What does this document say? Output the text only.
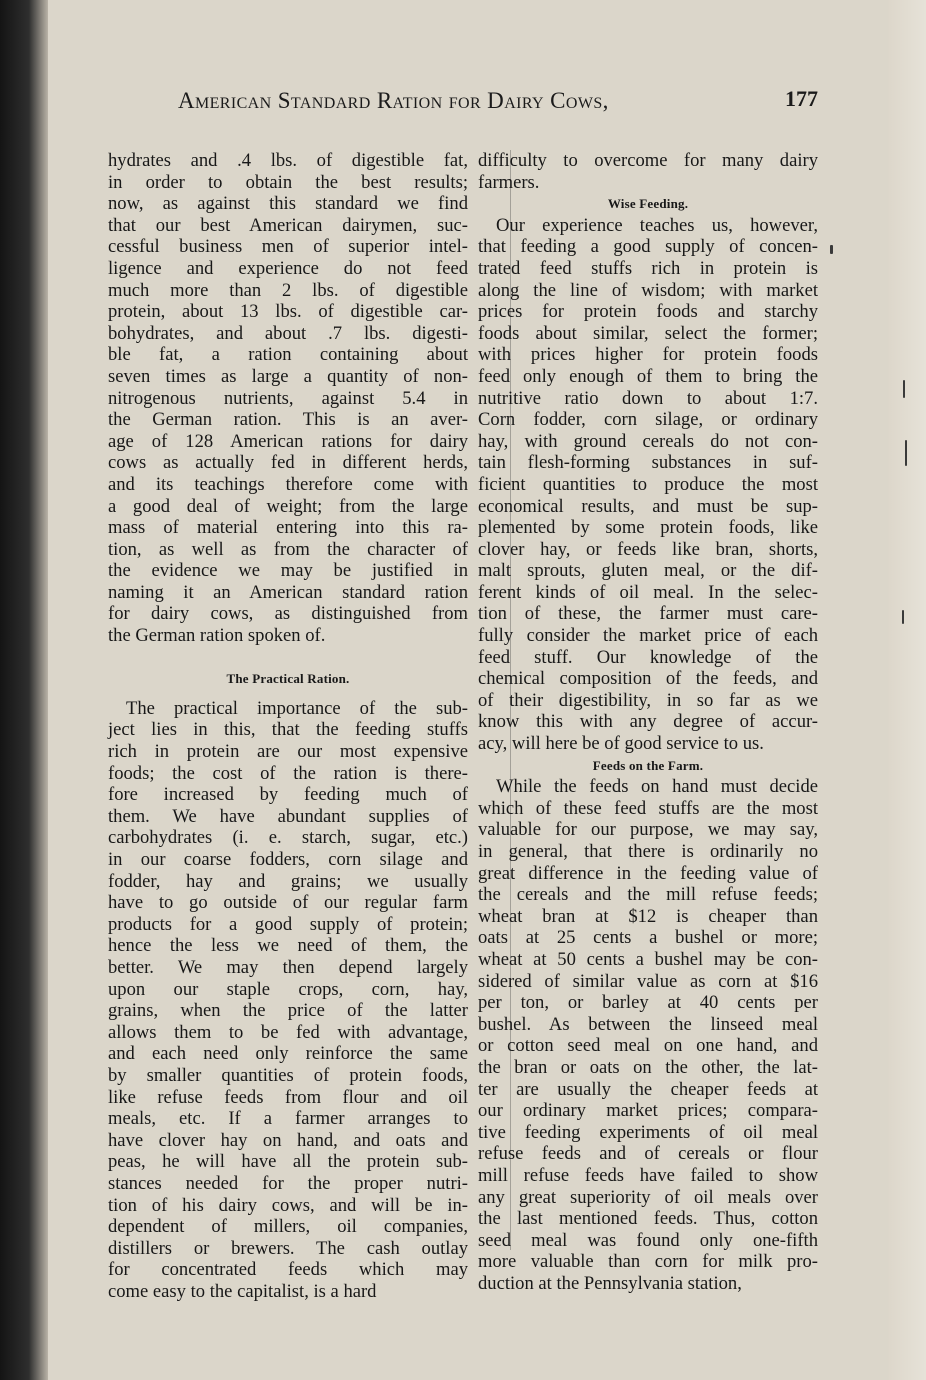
American Standard Ration for Dairy Cows,	177
hydrates and .4 lbs. of digestible fat,
in order to obtain the best results;
now, as against this standard we find
that our best American dairymen, suc-
cessful business men of superior intel-
ligence and experience do not feed
much more than 2 lbs. of digestible
protein, about 13 lbs. of digestible car-
bohydrates, and about .7 lbs. digesti-
ble fat, a ration containing about
seven times as large a quantity of non-
nitrogenous nutrients, against 5.4 in
the German ration. This is an aver-
age of 128 American rations for dairy
cows as actually fed in different herds,
and its teachings therefore come with
a good deal of weight; from the large
mass of material entering into this ra-
tion, as well as from the character of
the evidence we may be justified in
naming it an American standard ration
for dairy cows, as distinguished from
the German ration spoken of.
The Practical Ration.
The practical importance of the sub-
ject lies in this, that the feeding stuffs
rich in protein are our most expensive
foods; the cost of the ration is there-
fore increased by feeding much of
them. We have abundant supplies of
carbohydrates (i. e. starch, sugar, etc.)
in our coarse fodders, corn silage and
fodder, hay and grains; we usually
have to go outside of our regular farm
products for a good supply of protein;
hence the less we need of them, the
better. We may then depend largely
upon our staple crops, corn, hay,
grains, when the price of the latter
allows them to be fed with advantage,
and each need only reinforce the same
by smaller quantities of protein foods,
like refuse feeds from flour and oil
meals, etc. If a farmer arranges to
have clover hay on hand, and oats and
peas, he will have all the protein sub-
stances needed for the proper nutri-
tion of his dairy cows, and will be in-
dependent of millers, oil companies,
distillers or brewers. The cash outlay
for concentrated feeds which may
come easy to the capitalist, is a hard
difficulty to overcome for many dairy
farmers.
Wise Feeding.
Our experience teaches us, however,
that feeding a good supply of concen-
trated feed stuffs rich in protein is
along the line of wisdom; with market
prices for protein foods and starchy
foods about similar, select the former;
with prices higher for protein foods
feed only enough of them to bring the
nutritive ratio down to about 1:7.
Corn fodder, corn silage, or ordinary
hay, with ground cereals do not con-
tain flesh-forming substances in suf-
ficient quantities to produce the most
economical results, and must be sup-
plemented by some protein foods, like
clover hay, or feeds like bran, shorts,
malt sprouts, gluten meal, or the dif-
ferent kinds of oil meal. In the selec-
tion of these, the farmer must care-
fully consider the market price of each
feed stuff. Our knowledge of the
chemical composition of the feeds, and
of their digestibility, in so far as we
know this with any degree of accur-
acy, will here be of good service to us.
Feeds on the Farm.
While the feeds on hand must decide
which of these feed stuffs are the most
valuable for our purpose, we may say,
in general, that there is ordinarily no
great difference in the feeding value of
the cereals and the mill refuse feeds;
wheat bran at $12 is cheaper than
oats at 25 cents a bushel or more;
wheat at 50 cents a bushel may be con-
sidered of similar value as corn at $16
per ton, or barley at 40 cents per
bushel. As between the linseed meal
or cotton seed meal on one hand, and
the bran or oats on the other, the lat-
ter are usually the cheaper feeds at
our ordinary market prices; compara-
tive feeding experiments of oil meal
refuse feeds and of cereals or flour
mill refuse feeds have failed to show
any great superiority of oil meals over
the last mentioned feeds. Thus, cotton
seed meal was found only one-fifth
more valuable than corn for milk pro-
duction at the Pennsylvania station,
